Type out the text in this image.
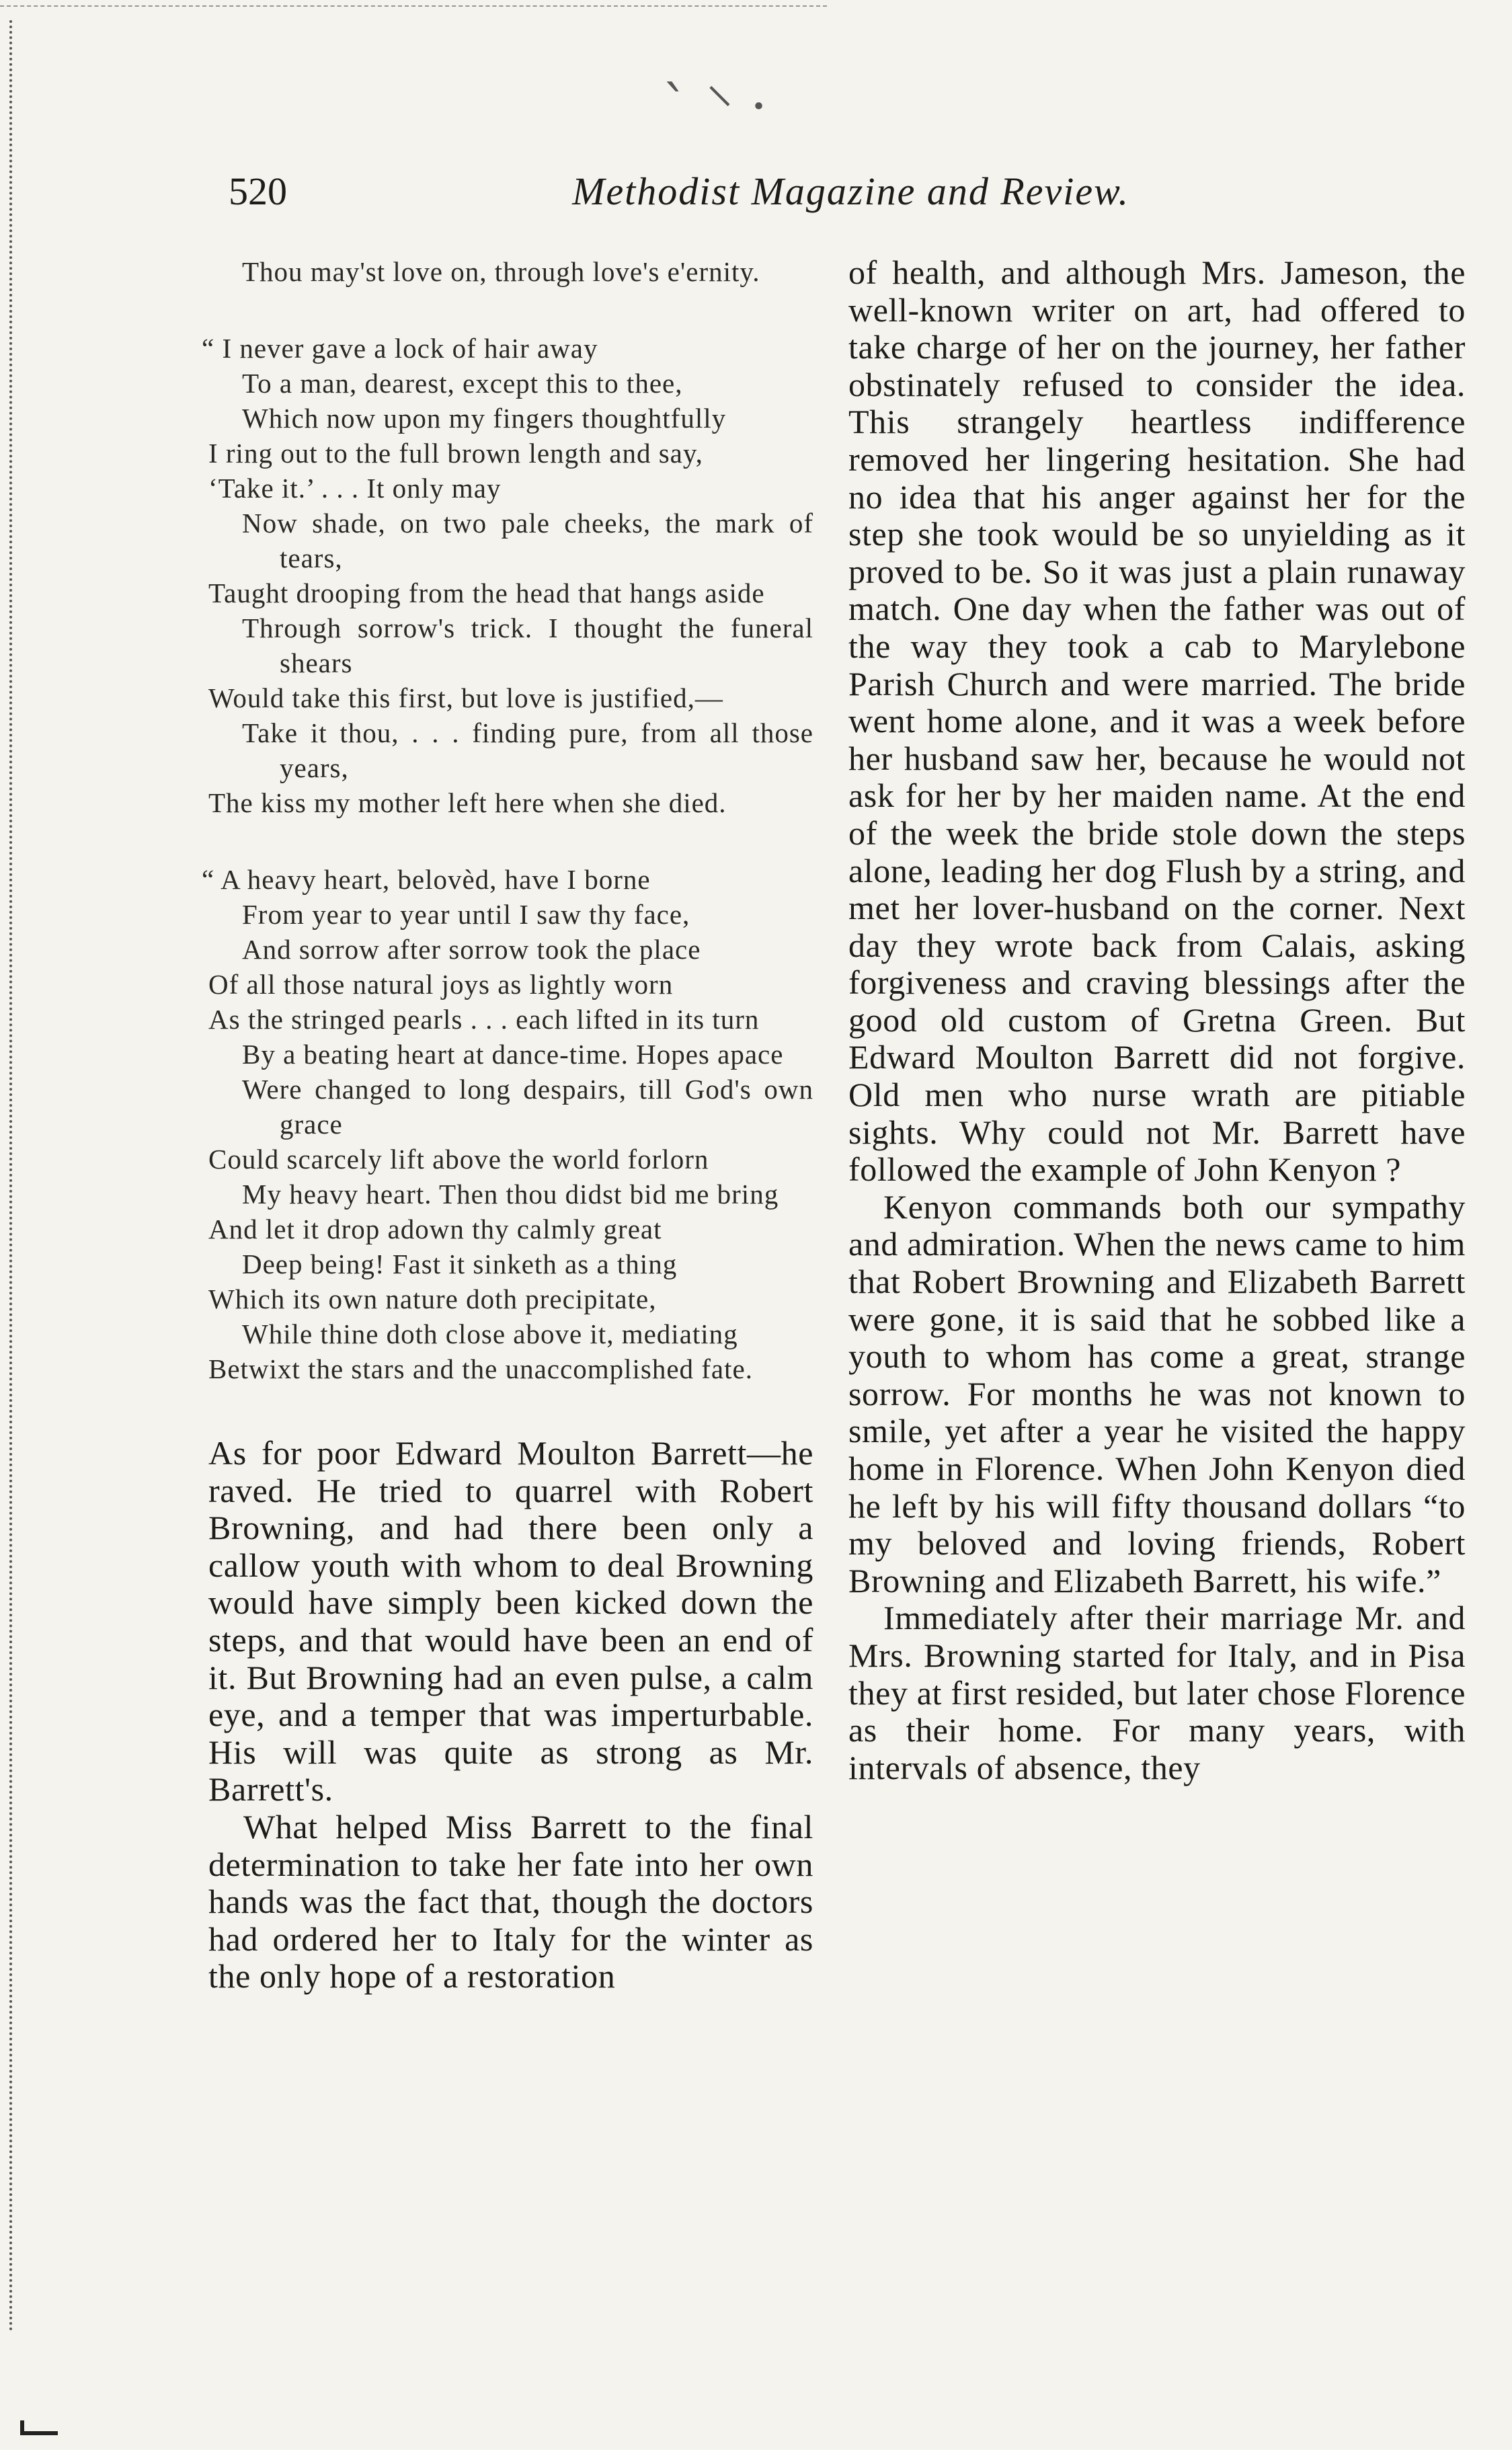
` ⸌ ·
520	Methodist Magazine and Review.
Thou may'st love on, through love's e'ernity.
“ I never gave a lock of hair away
To a man, dearest, except this to thee,
Which now upon my fingers thoughtfully
I ring out to the full brown length and say,
‘Take it.’ . . . It only may
Now shade, on two pale cheeks, the mark of tears,
Taught drooping from the head that hangs aside
Through sorrow's trick. I thought the funeral shears
Would take this first, but love is justified,—
Take it thou, . . . finding pure, from all those years,
The kiss my mother left here when she died.
“ A heavy heart, belovèd, have I borne
From year to year until I saw thy face,
And sorrow after sorrow took the place
Of all those natural joys as lightly worn
As the stringed pearls . . . each lifted in its turn
By a beating heart at dance-time. Hopes apace
Were changed to long despairs, till God's own grace
Could scarcely lift above the world forlorn
My heavy heart. Then thou didst bid me bring
And let it drop adown thy calmly great
Deep being! Fast it sinketh as a thing
Which its own nature doth precipitate,
While thine doth close above it, mediating
Betwixt the stars and the unaccomplished fate.

As for poor Edward Moulton Barrett—he raved. He tried to quarrel with Robert Browning, and had there been only a callow youth with whom to deal Browning would have simply been kicked down the steps, and that would have been an end of it. But Browning had an even pulse, a calm eye, and a temper that was imperturbable. His will was quite as strong as Mr. Barrett's.

What helped Miss Barrett to the final determination to take her fate into her own hands was the fact that, though the doctors had ordered her to Italy for the winter as the only hope of a restoration

of health, and although Mrs. Jameson, the well-known writer on art, had offered to take charge of her on the journey, her father obstinately refused to consider the idea. This strangely heartless indifference removed her lingering hesitation. She had no idea that his anger against her for the step she took would be so unyielding as it proved to be. So it was just a plain runaway match. One day when the father was out of the way they took a cab to Marylebone Parish Church and were married. The bride went home alone, and it was a week before her husband saw her, because he would not ask for her by her maiden name. At the end of the week the bride stole down the steps alone, leading her dog Flush by a string, and met her lover-husband on the corner. Next day they wrote back from Calais, asking forgiveness and craving blessings after the good old custom of Gretna Green. But Edward Moulton Barrett did not forgive. Old men who nurse wrath are pitiable sights. Why could not Mr. Barrett have followed the example of John Kenyon ?

Kenyon commands both our sympathy and admiration. When the news came to him that Robert Browning and Elizabeth Barrett were gone, it is said that he sobbed like a youth to whom has come a great, strange sorrow. For months he was not known to smile, yet after a year he visited the happy home in Florence. When John Kenyon died he left by his will fifty thousand dollars “to my beloved and loving friends, Robert Browning and Elizabeth Barrett, his wife.”

Immediately after their marriage Mr. and Mrs. Browning started for Italy, and in Pisa they at first resided, but later chose Florence as their home. For many years, with intervals of absence, they
